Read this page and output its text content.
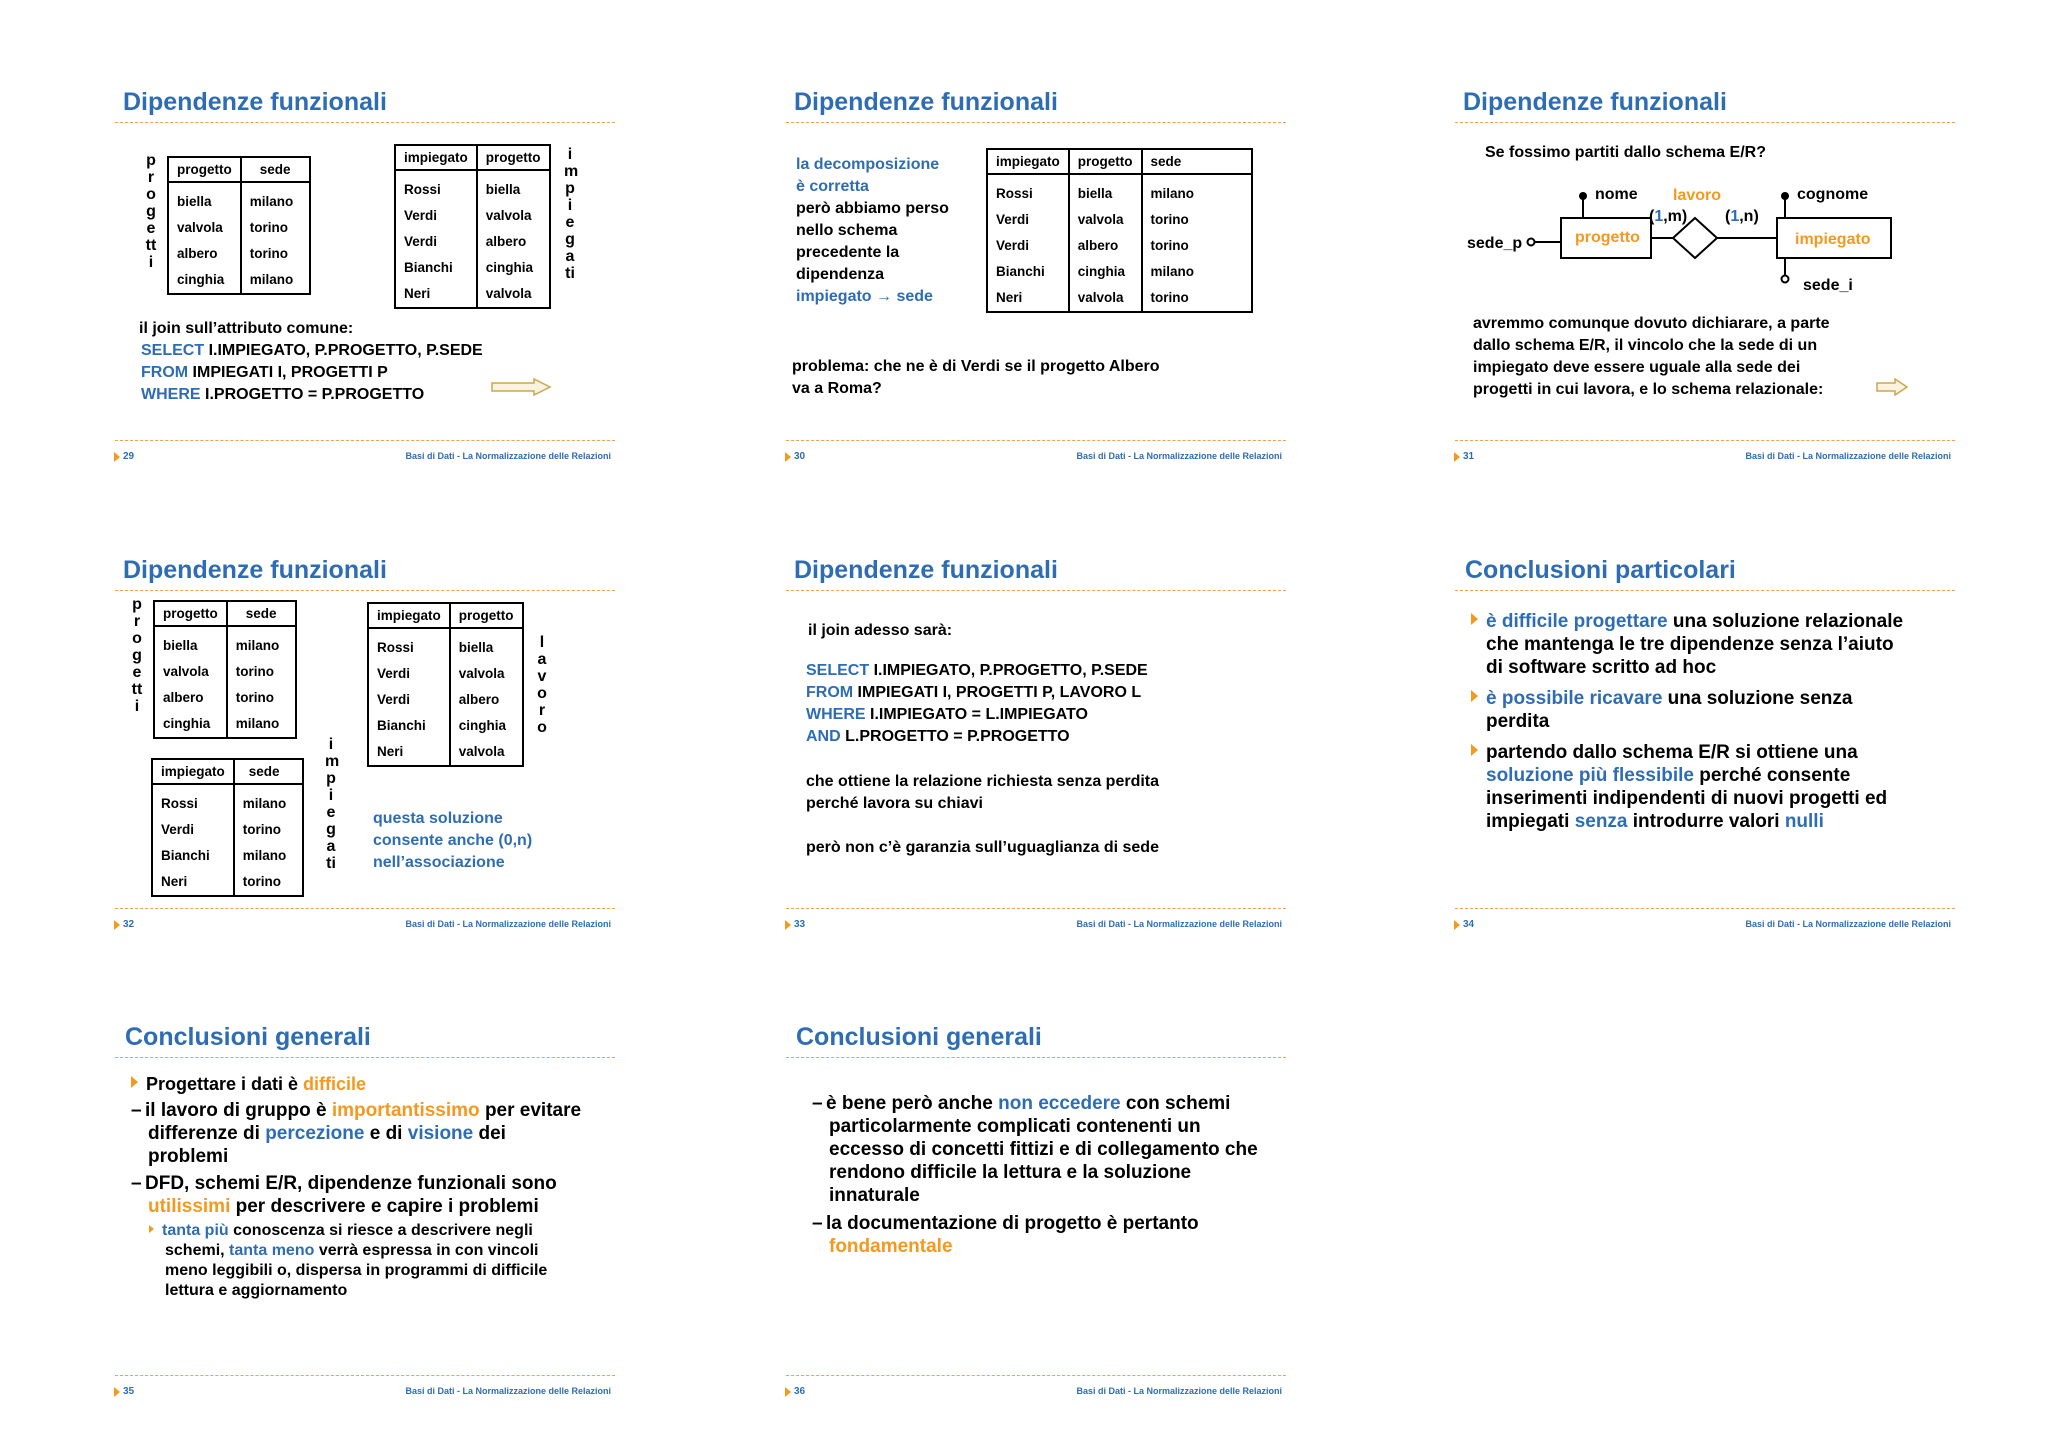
Dipendenze funzionali
progetti
progetto	sede
biella	milano
valvola	torino
albero	torino
cinghia	milano
impiegato	progetto
Rossi	biella
Verdi	valvola
Verdi	albero
Bianchi	cinghia
Neri	valvola
impiegati
il join sull’attributo comune:
SELECT I.IMPIEGATO, P.PROGETTO, P.SEDE
FROM IMPIEGATI I, PROGETTI P
WHERE I.PROGETTO = P.PROGETTO
29	Basi di Dati - La Normalizzazione delle Relazioni
Dipendenze funzionali
la decomposizione
è corretta
però abbiamo perso
nello schema
precedente la
dipendenza
impiegato → sede
impiegato	progetto	sede
Rossi	biella	milano
Verdi	valvola	torino
Verdi	albero	torino
Bianchi	cinghia	milano
Neri	valvola	torino
problema: che ne è di Verdi se il progetto Albero
va a Roma?
30	Basi di Dati - La Normalizzazione delle Relazioni
Dipendenze funzionali
Se fossimo partiti dallo schema E/R?
nome lavoro	cognome
progetto	impiegato
(1,m) (1,n)
sede_p
sede_i
avremmo comunque dovuto dichiarare, a parte
dallo schema E/R, il vincolo che la sede di un
impiegato deve essere uguale alla sede dei
progetti in cui lavora, e lo schema relazionale:
31	Basi di Dati - La Normalizzazione delle Relazioni
Dipendenze funzionali
progetti
progetto	sede
biella	milano
valvola	torino
albero	torino
cinghia	milano
impiegato	sede
Rossi	milano
Verdi	torino
Bianchi	milano
Neri	torino
impiegati
impiegato	progetto
Rossi	biella
Verdi	valvola
Verdi	albero
Bianchi	cinghia
Neri	valvola
lavoro
questa soluzione
consente anche (0,n)
nell’associazione
32	Basi di Dati - La Normalizzazione delle Relazioni
Dipendenze funzionali
il join adesso sarà:
SELECT I.IMPIEGATO, P.PROGETTO, P.SEDE
FROM IMPIEGATI I, PROGETTI P, LAVORO L
WHERE I.IMPIEGATO = L.IMPIEGATO
AND L.PROGETTO = P.PROGETTO
che ottiene la relazione richiesta senza perdita
perché lavora su chiavi
però non c’è garanzia sull’uguaglianza di sede
33	Basi di Dati - La Normalizzazione delle Relazioni
Conclusioni particolari
è difficile progettare una soluzione relazionale
che mantenga le tre dipendenze senza l’aiuto
di software scritto ad hoc
è possibile ricavare una soluzione senza
perdita
partendo dallo schema E/R si ottiene una
soluzione più flessibile perché consente
inserimenti indipendenti di nuovi progetti ed
impiegati senza introdurre valori nulli
34	Basi di Dati - La Normalizzazione delle Relazioni
Conclusioni generali
Progettare i dati è difficile
– il lavoro di gruppo è importantissimo per evitare
differenze di percezione e di visione dei
problemi
– DFD, schemi E/R, dipendenze funzionali sono
utilissimi per descrivere e capire i problemi
tanta più conoscenza si riesce a descrivere negli
schemi, tanta meno verrà espressa in con vincoli
meno leggibili o, dispersa in programmi di difficile
lettura e aggiornamento
35	Basi di Dati - La Normalizzazione delle Relazioni
Conclusioni generali
– è bene però anche non eccedere con schemi
particolarmente complicati contenenti un
eccesso di concetti fittizi e di collegamento che
rendono difficile la lettura e la soluzione
innaturale
– la documentazione di progetto è pertanto
fondamentale
36	Basi di Dati - La Normalizzazione delle Relazioni
